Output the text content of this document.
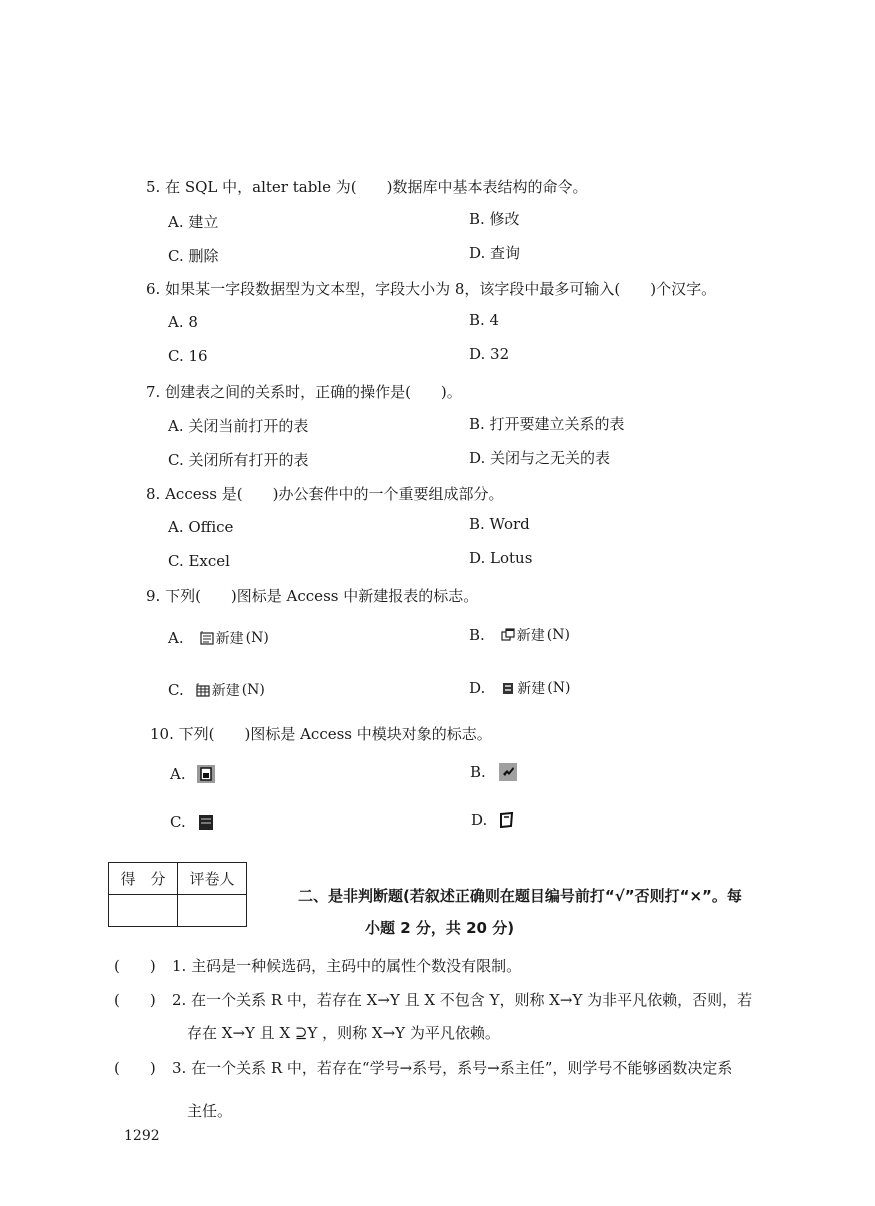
5. 在 SQL 中，alter table 为(　　)数据库中基本表结构的命令。
A. 建立	B. 修改
C. 删除	D. 查询
6. 如果某一字段数据型为文本型，字段大小为 8，该字段中最多可输入(　　)个汉字。
A. 8	B. 4
C. 16	D. 32
7. 创建表之间的关系时，正确的操作是(　　)。
A. 关闭当前打开的表	B. 打开要建立关系的表
C. 关闭所有打开的表	D. 关闭与之无关的表
8. Access 是(　　)办公套件中的一个重要组成部分。
A. Office	B. Word
C. Excel	D. Lotus
9. 下列(　　)图标是 Access 中新建报表的标志。
A. 新建 (N)	B. 新建 (N)
C. 新建 (N)	D. 新建 (N)
10. 下列(　　)图标是 Access 中模块对象的标志。
A.	B.
C.	D.
得　分	评卷人

二、是非判断题(若叙述正确则在题目编号前打“√”否则打“×”。每
小题 2 分，共 20 分)
(　　) 1. 主码是一种候选码，主码中的属性个数没有限制。
(　　) 2. 在一个关系 R 中，若存在 X→Y 且 X 不包含 Y，则称 X→Y 为非平凡依赖，否则，若
存在 X→Y 且 X ⊇Y ，则称 X→Y 为平凡依赖。
(　　) 3. 在一个关系 R 中，若存在“学号→系号，系号→系主任”，则学号不能够函数决定系
主任。
1292
